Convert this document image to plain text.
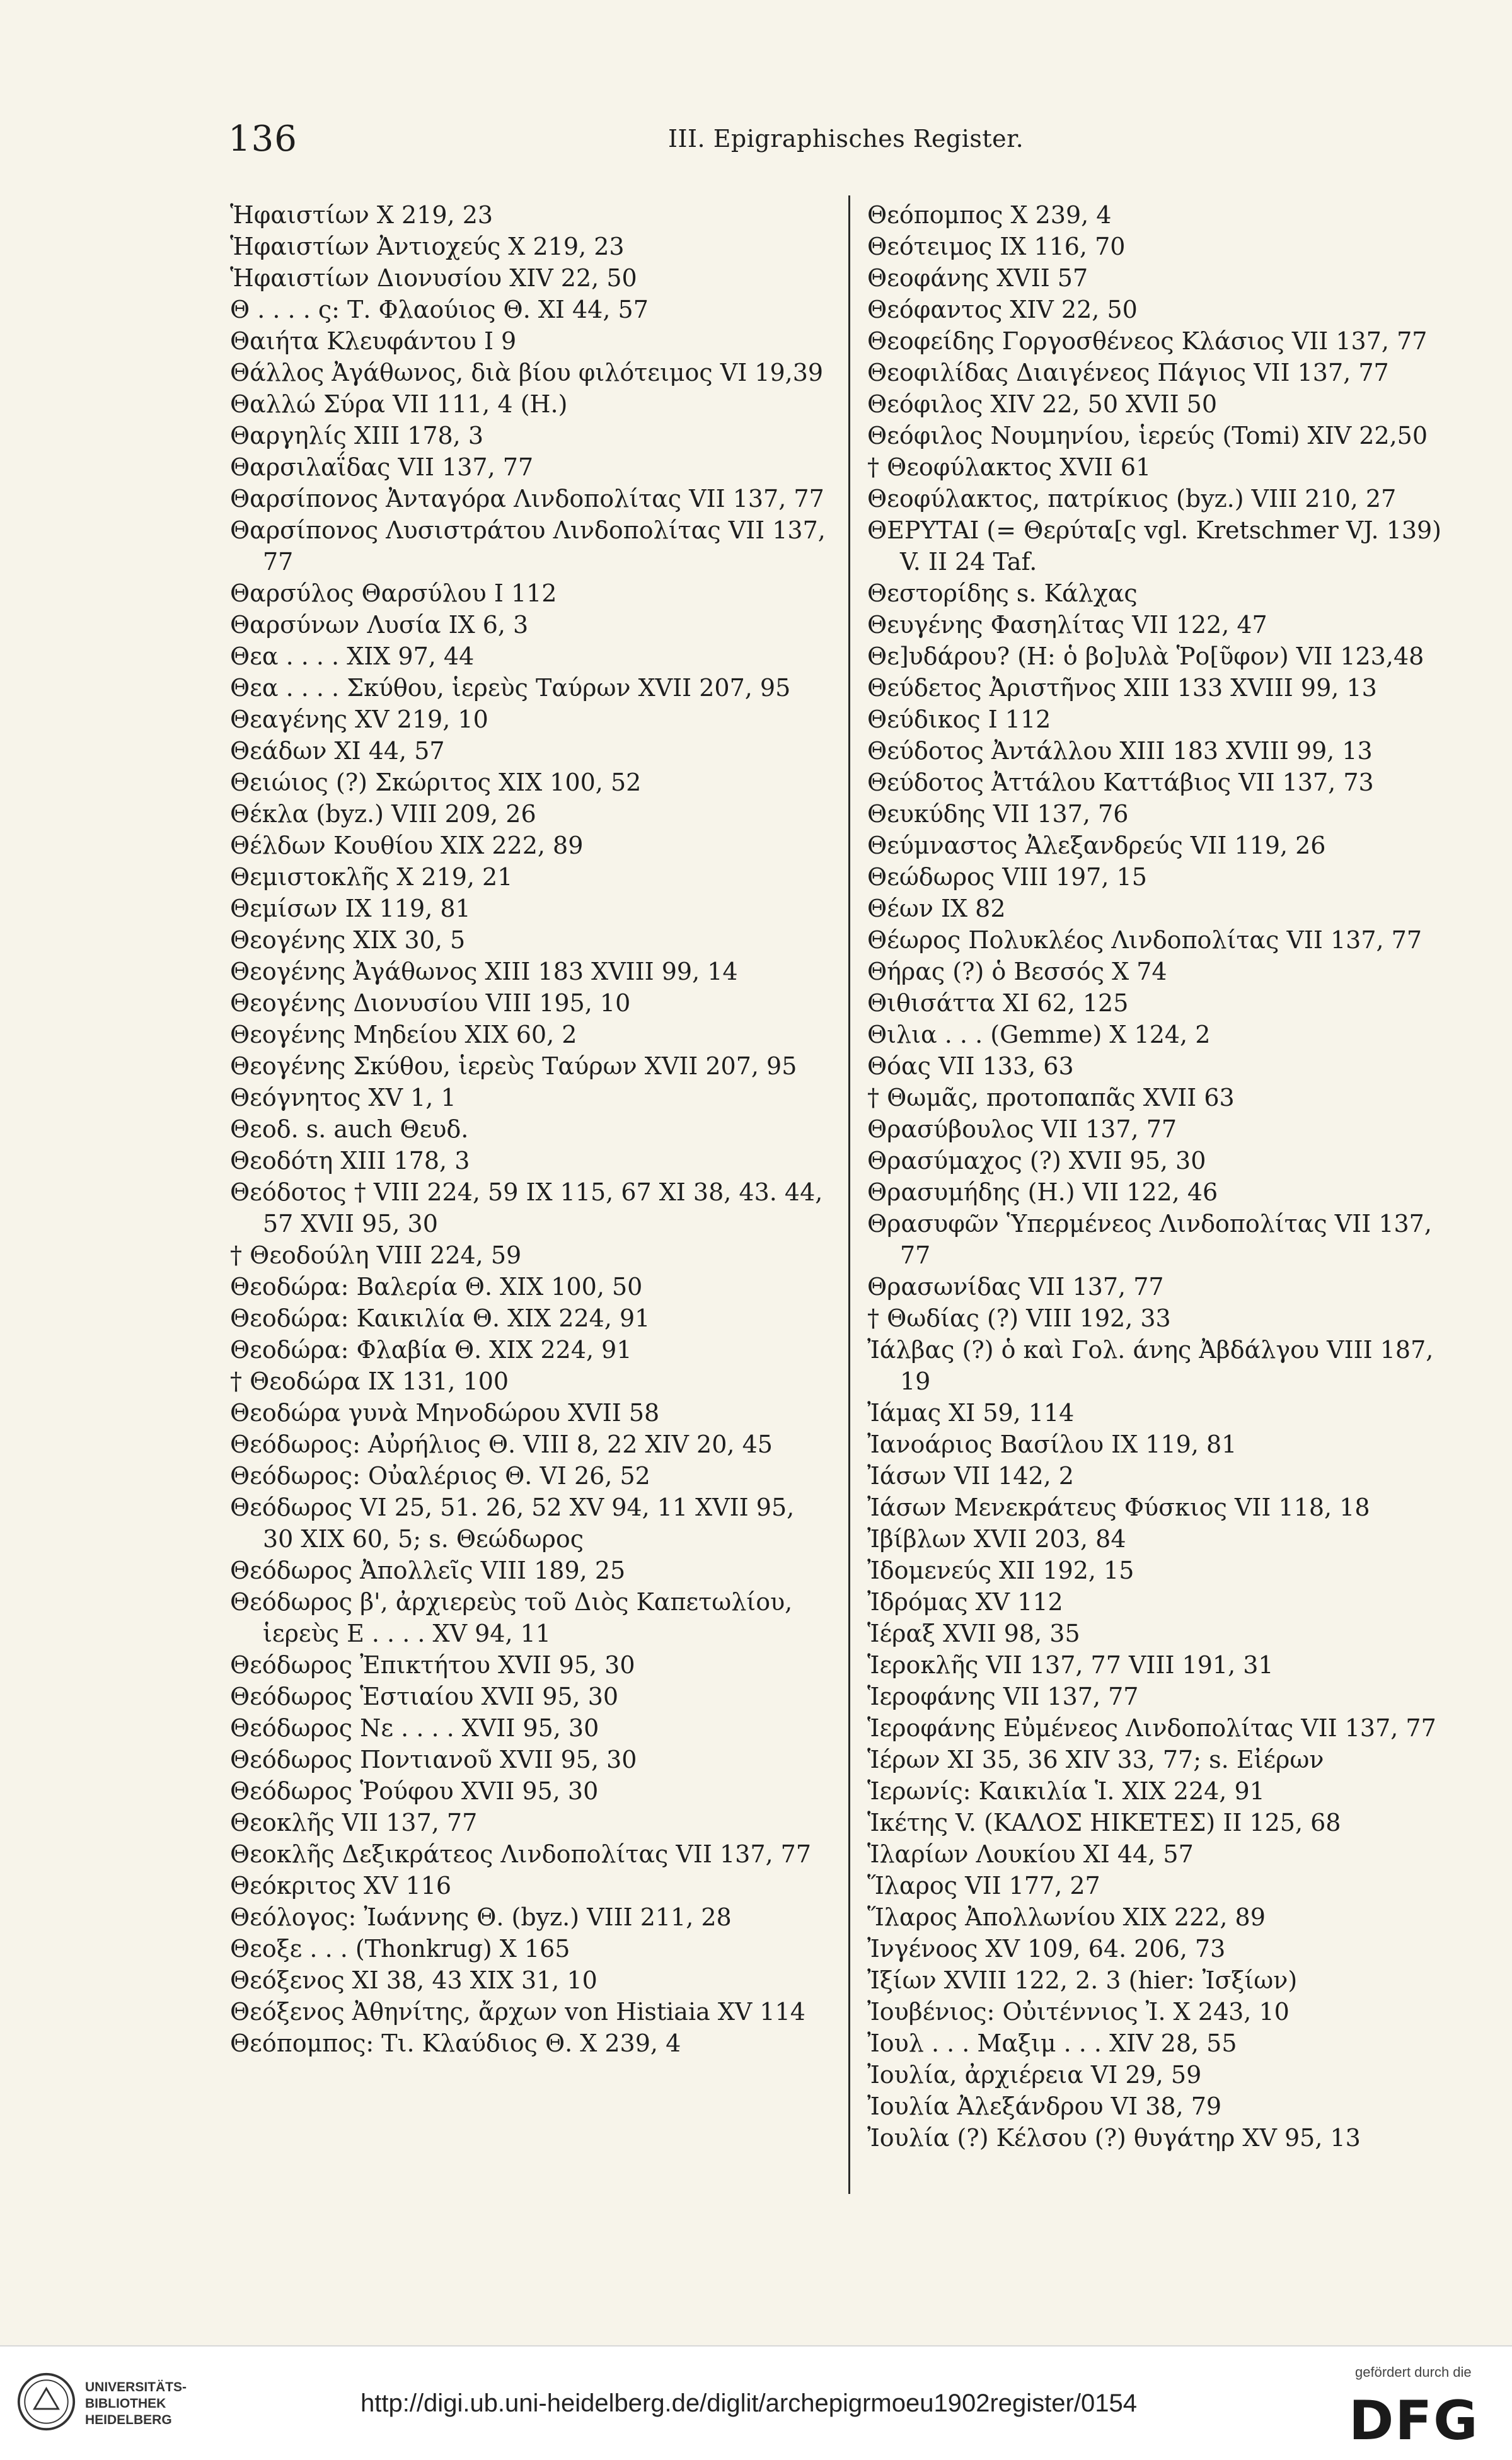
136	III. Epigraphisches Register.
Ἡφαιστίων X 219, 23
Ἡφαιστίων Ἀντιοχεύς X 219, 23
Ἡφαιστίων Διονυσίου XIV 22, 50
Θ . . . . ς: Τ. Φλαούιος Θ. XI 44, 57
Θαιήτα Κλευφάντου I 9
Θάλλος Ἀγάθωνος, διὰ βίου φιλότειμος VI 19,39
Θαλλώ Σύρα VII 111, 4 (H.)
Θαργηλίς XIII 178, 3
Θαρσιλαΐδας VII 137, 77
Θαρσίπονος Ἀνταγόρα Λινδοπολίτας VII 137, 77
Θαρσίπονος Λυσιστράτου Λινδοπολίτας VII 137, 77
Θαρσύλος Θαρσύλου I 112
Θαρσύνων Λυσία IX 6, 3
Θεα . . . . XIX 97, 44
Θεα . . . . Σκύθου, ἱερεὺς Ταύρων XVII 207, 95
Θεαγένης XV 219, 10
Θεάδων XI 44, 57
Θειώιος (?) Σκώριτος XIX 100, 52
Θέκλα (byz.) VIII 209, 26
Θέλδων Κουθίου XIX 222, 89
Θεμιστοκλῆς X 219, 21
Θεμίσων IX 119, 81
Θεογένης XIX 30, 5
Θεογένης Ἀγάθωνος XIII 183 XVIII 99, 14
Θεογένης Διονυσίου VIII 195, 10
Θεογένης Μηδείου XIX 60, 2
Θεογένης Σκύθου, ἱερεὺς Ταύρων XVII 207, 95
Θεόγνητος XV 1, 1
Θεοδ. s. auch Θευδ.
Θεοδότη XIII 178, 3
Θεόδοτος † VIII 224, 59 IX 115, 67 XI 38, 43. 44, 57 XVII 95, 30
† Θεοδούλη VIII 224, 59
Θεοδώρα: Βαλερία Θ. XIX 100, 50
Θεοδώρα: Καικιλία Θ. XIX 224, 91
Θεοδώρα: Φλαβία Θ. XIX 224, 91
† Θεοδώρα IX 131, 100
Θεοδώρα γυνὰ Μηνοδώρου XVII 58
Θεόδωρος: Αὐρήλιος Θ. VIII 8, 22 XIV 20, 45
Θεόδωρος: Οὐαλέριος Θ. VI 26, 52
Θεόδωρος VI 25, 51. 26, 52 XV 94, 11 XVII 95, 30 XIX 60, 5; s. Θεώδωρος
Θεόδωρος Ἀπολλεῖς VIII 189, 25
Θεόδωρος β', ἀρχιερεὺς τοῦ Διὸς Καπετωλίου, ἱερεὺς Ε . . . . XV 94, 11
Θεόδωρος Ἐπικτήτου XVII 95, 30
Θεόδωρος Ἑστιαίου XVII 95, 30
Θεόδωρος Νε . . . . XVII 95, 30
Θεόδωρος Ποντιανοῦ XVII 95, 30
Θεόδωρος Ῥούφου XVII 95, 30
Θεοκλῆς VII 137, 77
Θεοκλῆς Δεξικράτεος Λινδοπολίτας VII 137, 77
Θεόκριτος XV 116
Θεόλογος: Ἰωάννης Θ. (byz.) VIII 211, 28
Θεοξε . . . (Thonkrug) X 165
Θεόξενος XI 38, 43 XIX 31, 10
Θεόξενος Ἀθηνίτης, ἄρχων von Histiaia XV 114
Θεόπομπος: Τι. Κλαύδιος Θ. X 239, 4
Θεόπομπος X 239, 4
Θεότειμος IX 116, 70
Θεοφάνης XVII 57
Θεόφαντος XIV 22, 50
Θεοφείδης Γοργοσθένεος Κλάσιος VII 137, 77
Θεοφιλίδας Διαιγένεος Πάγιος VII 137, 77
Θεόφιλος XIV 22, 50 XVII 50
Θεόφιλος Νουμηνίου, ἱερεύς (Tomi) XIV 22,50
† Θεοφύλακτος XVII 61
Θεοφύλακτος, πατρίκιος (byz.) VIII 210, 27
ΘΕΡΥΤΑΙ (= Θερύτα[ς vgl. Kretschmer VJ. 139) V. II 24 Taf.
Θεστορίδης s. Κάλχας
Θευγένης Φασηλίτας VII 122, 47
Θε]υδάρου? (H: ὁ βο]υλὰ Ῥο[ῦφον) VII 123,48
Θεύδετος Ἀριστῆνος XIII 133 XVIII 99, 13
Θεύδικος I 112
Θεύδοτος Ἀντάλλου XIII 183 XVIII 99, 13
Θεύδοτος Ἀττάλου Καττάβιος VII 137, 73
Θευκύδης VII 137, 76
Θεύμναστος Ἀλεξανδρεύς VII 119, 26
Θεώδωρος VIII 197, 15
Θέων IX 82
Θέωρος Πολυκλέος Λινδοπολίτας VII 137, 77
Θήρας (?) ὁ Βεσσός X 74
Θιθισάττα XI 62, 125
Θιλια . . . (Gemme) X 124, 2
Θόας VII 133, 63
† Θωμᾶς, προτοπαπᾶς XVII 63
Θρασύβουλος VII 137, 77
Θρασύμαχος (?) XVII 95, 30
Θρασυμήδης (H.) VII 122, 46
Θρασυφῶν Ὑπερμένεος Λινδοπολίτας VII 137, 77
Θρασωνίδας VII 137, 77
† Θωδίας (?) VIII 192, 33
Ἰάλβας (?) ὁ καὶ Γολ. άνης Ἀβδάλγου VIII 187, 19
Ἰάμας XI 59, 114
Ἰανοάριος Βασίλου IX 119, 81
Ἰάσων VII 142, 2
Ἰάσων Μενεκράτευς Φύσκιος VII 118, 18
Ἰβίβλων XVII 203, 84
Ἰδομενεύς XII 192, 15
Ἰδρόμας XV 112
Ἱέραξ XVII 98, 35
Ἱεροκλῆς VII 137, 77 VIII 191, 31
Ἱεροφάνης VII 137, 77
Ἱεροφάνης Εὐμένεος Λινδοπολίτας VII 137, 77
Ἱέρων XI 35, 36 XIV 33, 77; s. Εἰέρων
Ἱερωνίς: Καικιλία Ἱ. XIX 224, 91
Ἱκέτης V. (ΚΑΛΟΣ ΗΙΚΕΤΕΣ) II 125, 68
Ἱλαρίων Λουκίου XI 44, 57
Ἵλαρος VII 177, 27
Ἵλαρος Ἀπολλωνίου XIX 222, 89
Ἰνγένοος XV 109, 64. 206, 73
Ἰξίων XVIII 122, 2. 3 (hier: Ἰσξίων)
Ἰουβένιος: Οὐιτέννιος Ἰ. X 243, 10
Ἰουλ . . . Μαξιμ . . . XIV 28, 55
Ἰουλία, ἀρχιέρεια VI 29, 59
Ἰουλία Ἀλεξάνδρου VI 38, 79
Ἰουλία (?) Κέλσου (?) θυγάτηρ XV 95, 13
UNIVERSITÄTS-
BIBLIOTHEK
HEIDELBERG
http://digi.ub.uni-heidelberg.de/diglit/archepigrmoeu1902register/0154
gefördert durch die
DFG
